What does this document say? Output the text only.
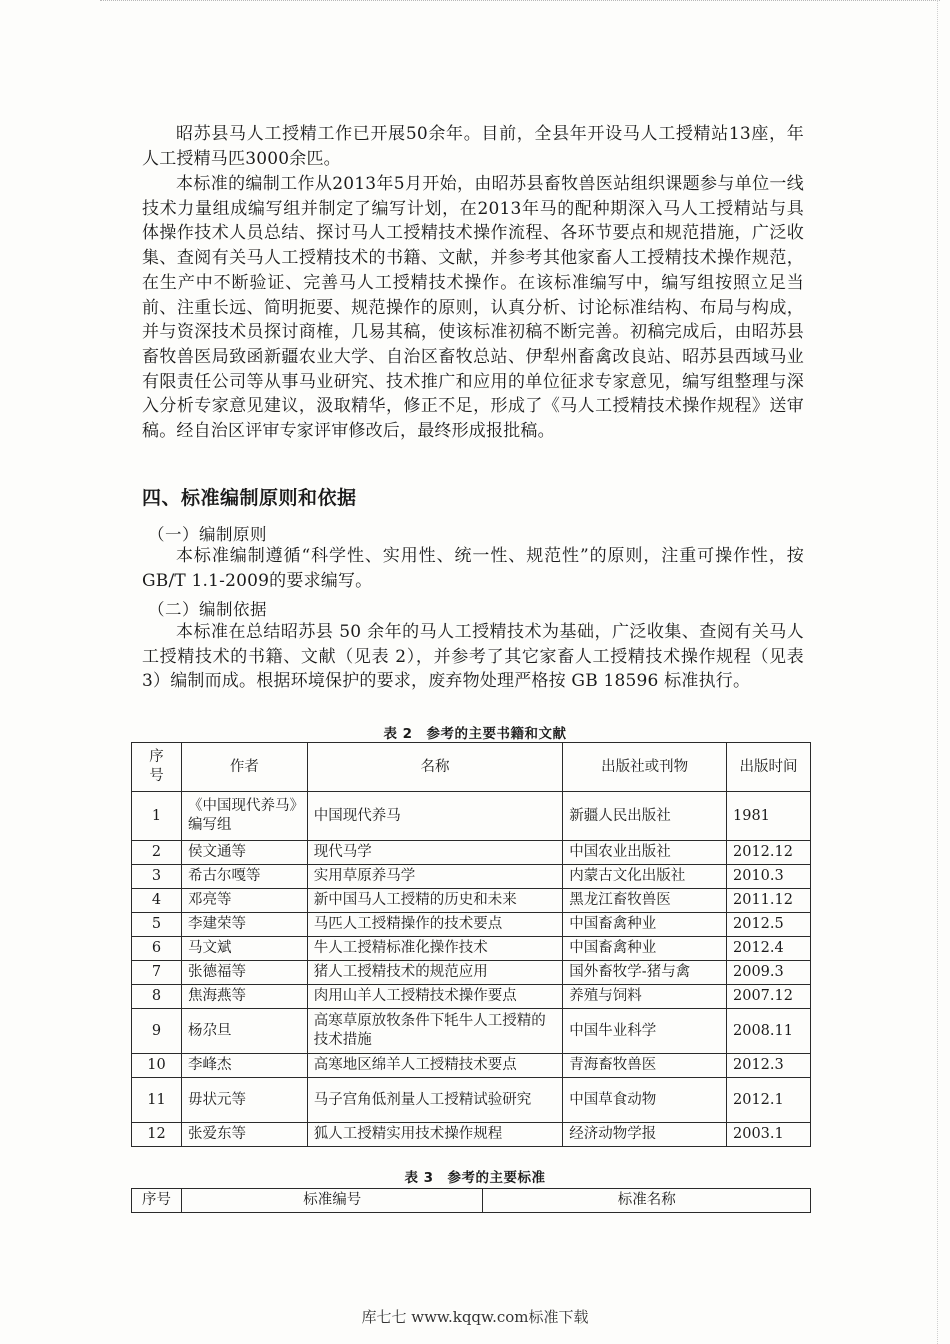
昭苏县马人工授精工作已开展50余年。目前，全县年开设马人工授精站13座，年人工授精马匹3000余匹。

本标准的编制工作从2013年5月开始，由昭苏县畜牧兽医站组织课题参与单位一线技术力量组成编写组并制定了编写计划，在2013年马的配种期深入马人工授精站与具体操作技术人员总结、探讨马人工授精技术操作流程、各环节要点和规范措施，广泛收集、查阅有关马人工授精技术的书籍、文献，并参考其他家畜人工授精技术操作规范，在生产中不断验证、完善马人工授精技术操作。在该标准编写中，编写组按照立足当前、注重长远、简明扼要、规范操作的原则，认真分析、讨论标准结构、布局与构成，并与资深技术员探讨商榷，几易其稿，使该标准初稿不断完善。初稿完成后，由昭苏县畜牧兽医局致函新疆农业大学、自治区畜牧总站、伊犁州畜禽改良站、昭苏县西域马业有限责任公司等从事马业研究、技术推广和应用的单位征求专家意见，编写组整理与深入分析专家意见建议，汲取精华，修正不足，形成了《马人工授精技术操作规程》送审稿。经自治区评审专家评审修改后，最终形成报批稿。

四、标准编制原则和依据
（一）编制原则

本标准编制遵循“科学性、实用性、统一性、规范性”的原则，注重可操作性，按GB/T 1.1-2009的要求编写。

（二）编制依据

本标准在总结昭苏县 50 余年的马人工授精技术为基础，广泛收集、查阅有关马人工授精技术的书籍、文献（见表 2），并参考了其它家畜人工授精技术操作规程（见表 3）编制而成。根据环境保护的要求，废弃物处理严格按 GB 18596 标准执行。

表 2　参考的主要书籍和文献
序号	作者	名称	出版社或刊物	出版时间
1	《中国现代养马》编写组	中国现代养马	新疆人民出版社	1981
2	侯文通等	现代马学	中国农业出版社	2012.12
3	希古尔嘎等	实用草原养马学	内蒙古文化出版社	2010.3
4	邓亮等	新中国马人工授精的历史和未来	黑龙江畜牧兽医	2011.12
5	李建荣等	马匹人工授精操作的技术要点	中国畜禽种业	2012.5
6	马文斌	牛人工授精标准化操作技术	中国畜禽种业	2012.4
7	张德福等	猪人工授精技术的规范应用	国外畜牧学-猪与禽	2009.3
8	焦海燕等	肉用山羊人工授精技术操作要点	养殖与饲料	2007.12
9	杨尕旦	高寒草原放牧条件下牦牛人工授精的技术措施	中国牛业科学	2008.11
10	李峰杰	高寒地区绵羊人工授精技术要点	青海畜牧兽医	2012.3
11	毋状元等	马子宫角低剂量人工授精试验研究	中国草食动物	2012.1
12	张爱东等	狐人工授精实用技术操作规程	经济动物学报	2003.1
表 3　参考的主要标准
序号	标准编号	标准名称
库七七 www.kqqw.com标准下载
